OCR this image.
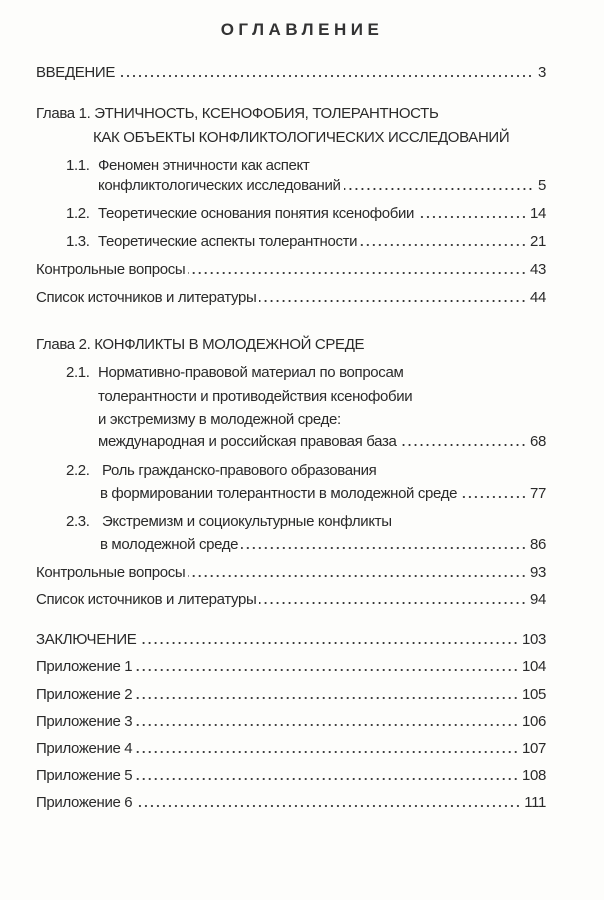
ОГЛАВЛЕНИЕ
ВВЕДЕНИЕ	3
Глава 1. ЭТНИЧНОСТЬ, КСЕНОФОБИЯ, ТОЛЕРАНТНОСТЬ
КАК ОБЪЕКТЫ КОНФЛИКТОЛОГИЧЕСКИХ ИССЛЕДОВАНИЙ
1.1. Феномен этничности как аспект
конфликтологических исследований	5
1.2. Теоретические основания понятия ксенофобии	14
1.3. Теоретические аспекты толерантности	21
Контрольные вопросы	43
Список источников и литературы	44
Глава 2. КОНФЛИКТЫ В МОЛОДЕЖНОЙ СРЕДЕ
2.1. Нормативно-правовой материал по вопросам
толерантности и противодействия ксенофобии
и экстремизму в молодежной среде:
международная и российская правовая база	68
2.2. Роль гражданско-правового образования
в формировании толерантности в молодежной среде	77
2.3. Экстремизм и социокультурные конфликты
в молодежной среде	86
Контрольные вопросы	93
Список источников и литературы	94
ЗАКЛЮЧЕНИЕ	103
Приложение 1	104
Приложение 2	105
Приложение 3	106
Приложение 4	107
Приложение 5	108
Приложение 6	111
